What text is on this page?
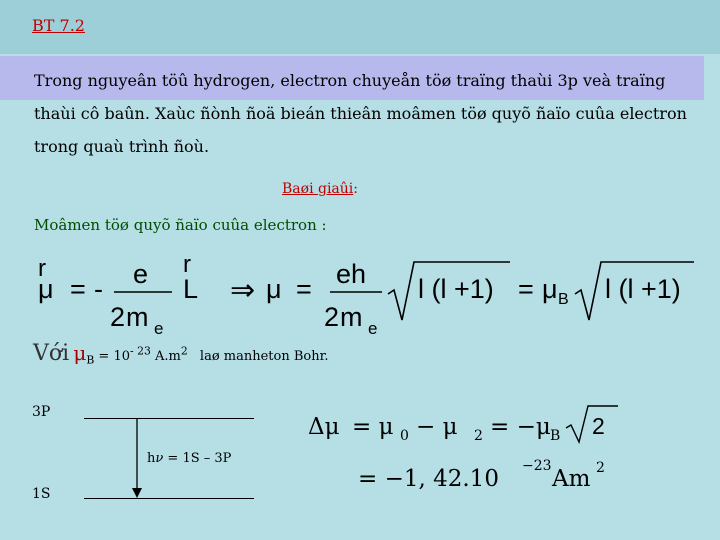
BT 7.2
Trong nguyeân töû hydrogen, electron chuyeån töø traïng thaùi 3p veà traïng thaùi cô baûn. Xaùc ñònh ñoä bieán thieân moâmen töø quyõ ñaïo cuûa electron trong quaù trình ñoù.
Baøi giaûi:
Moâmen töø quyõ ñaïo cuûa electron :
r
μ = - e
2 m e
r
L ⇒ μ = eh
2 m e
l (l +1) = μ B l (l +1)
Với $\mu_B = 10^{- 23}$ $A.m^2$ laø manheton Bohr.
3P
1S
hν = 1S – 3P
Δμ = μ 0 − μ 2 = −μ B 2
= −1, 42.10 −23 Am 2
